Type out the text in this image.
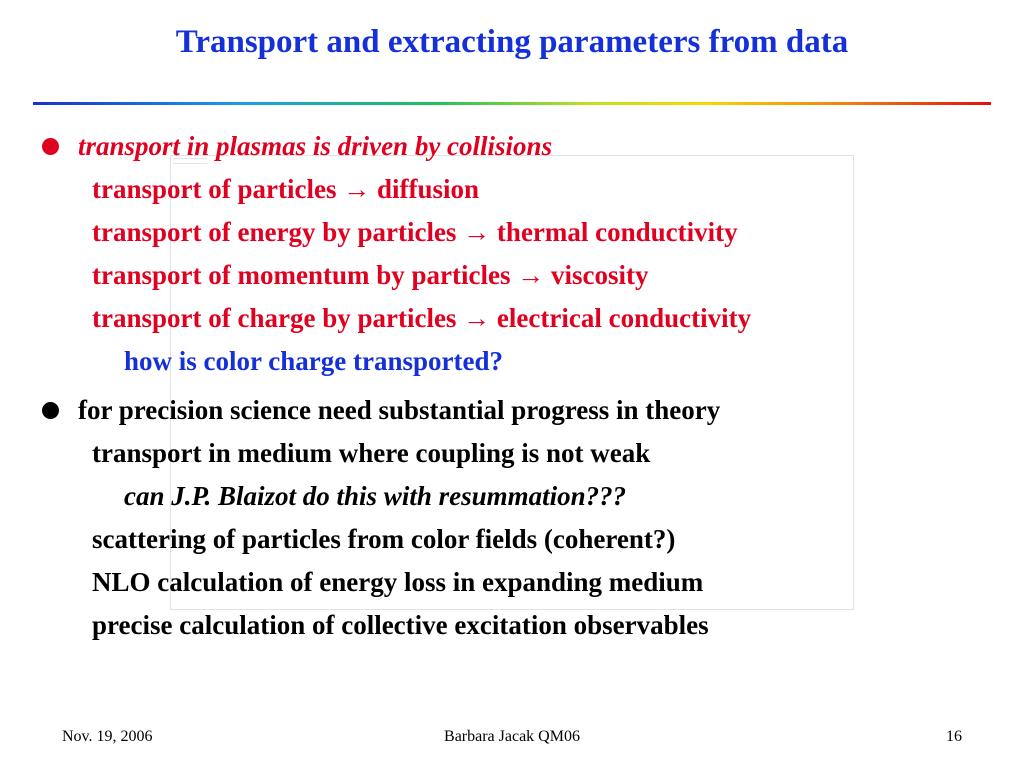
Transport and extracting parameters from data
transport in plasmas is driven by collisions
transport of particles → diffusion
transport of energy by particles → thermal conductivity
transport of momentum by particles → viscosity
transport of charge by particles → electrical conductivity
how is color charge transported?
for precision science need substantial progress in theory
transport in medium where coupling is not weak
can J.P. Blaizot do this with resummation???
scattering of particles from color fields (coherent?)
NLO calculation of energy loss in expanding medium
precise calculation of collective excitation observables
Nov. 19, 2006	Barbara Jacak QM06	16
